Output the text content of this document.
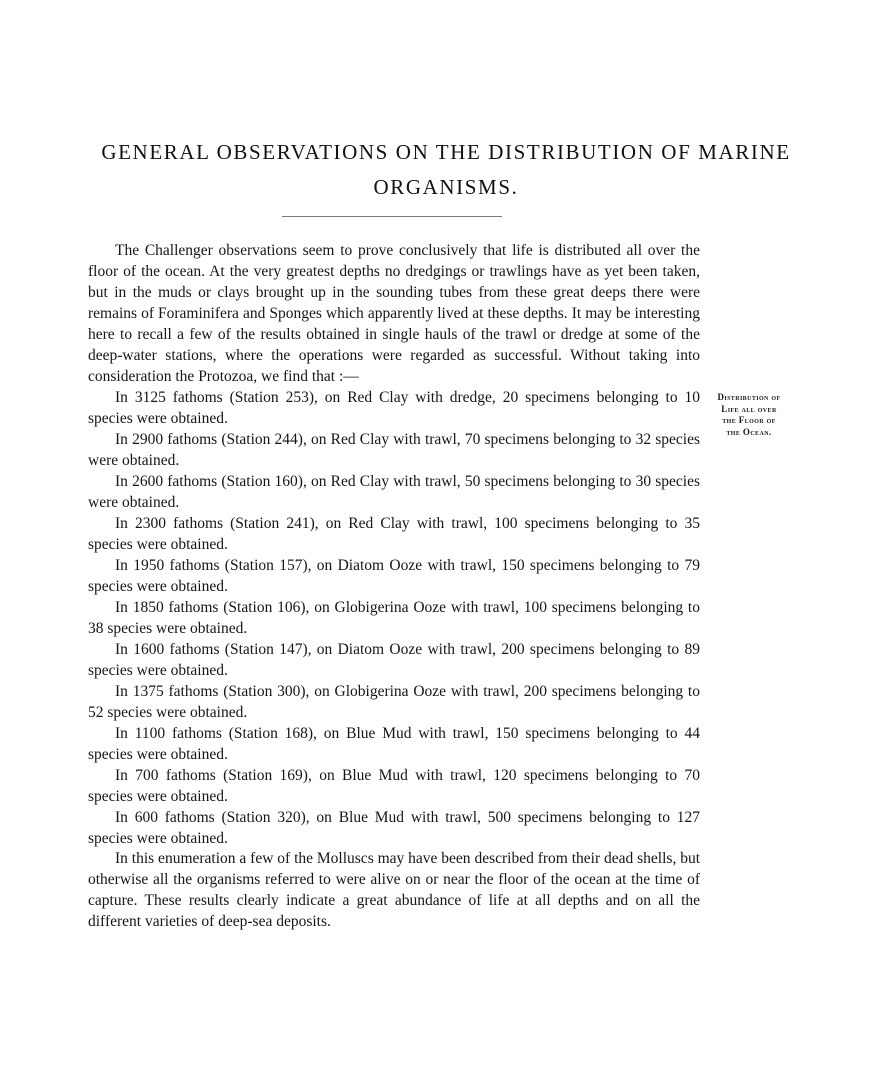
GENERAL OBSERVATIONS ON THE DISTRIBUTION OF MARINE
ORGANISMS.

The Challenger observations seem to prove conclusively that life is distributed all over the floor of the ocean. At the very greatest depths no dredgings or trawlings have as yet been taken, but in the muds or clays brought up in the sounding tubes from these great deeps there were remains of Foraminifera and Sponges which apparently lived at these depths. It may be interesting here to recall a few of the results obtained in single hauls of the trawl or dredge at some of the deep-water stations, where the operations were regarded as successful. Without taking into consideration the Protozoa, we find that :—

Distribution of
Life all over
the Floor of
the Ocean.

In 3125 fathoms (Station 253), on Red Clay with dredge, 20 specimens belonging to 10 species were obtained.

In 2900 fathoms (Station 244), on Red Clay with trawl, 70 specimens belonging to 32 species were obtained.

In 2600 fathoms (Station 160), on Red Clay with trawl, 50 specimens belonging to 30 species were obtained.

In 2300 fathoms (Station 241), on Red Clay with trawl, 100 specimens belonging to 35 species were obtained.

In 1950 fathoms (Station 157), on Diatom Ooze with trawl, 150 specimens belonging to 79 species were obtained.

In 1850 fathoms (Station 106), on Globigerina Ooze with trawl, 100 specimens belonging to 38 species were obtained.

In 1600 fathoms (Station 147), on Diatom Ooze with trawl, 200 specimens belonging to 89 species were obtained.

In 1375 fathoms (Station 300), on Globigerina Ooze with trawl, 200 specimens belonging to 52 species were obtained.

In 1100 fathoms (Station 168), on Blue Mud with trawl, 150 specimens belonging to 44 species were obtained.

In 700 fathoms (Station 169), on Blue Mud with trawl, 120 specimens belonging to 70 species were obtained.

In 600 fathoms (Station 320), on Blue Mud with trawl, 500 specimens belonging to 127 species were obtained.

In this enumeration a few of the Molluscs may have been described from their dead shells, but otherwise all the organisms referred to were alive on or near the floor of the ocean at the time of capture. These results clearly indicate a great abundance of life at all depths and on all the different varieties of deep-sea deposits.
